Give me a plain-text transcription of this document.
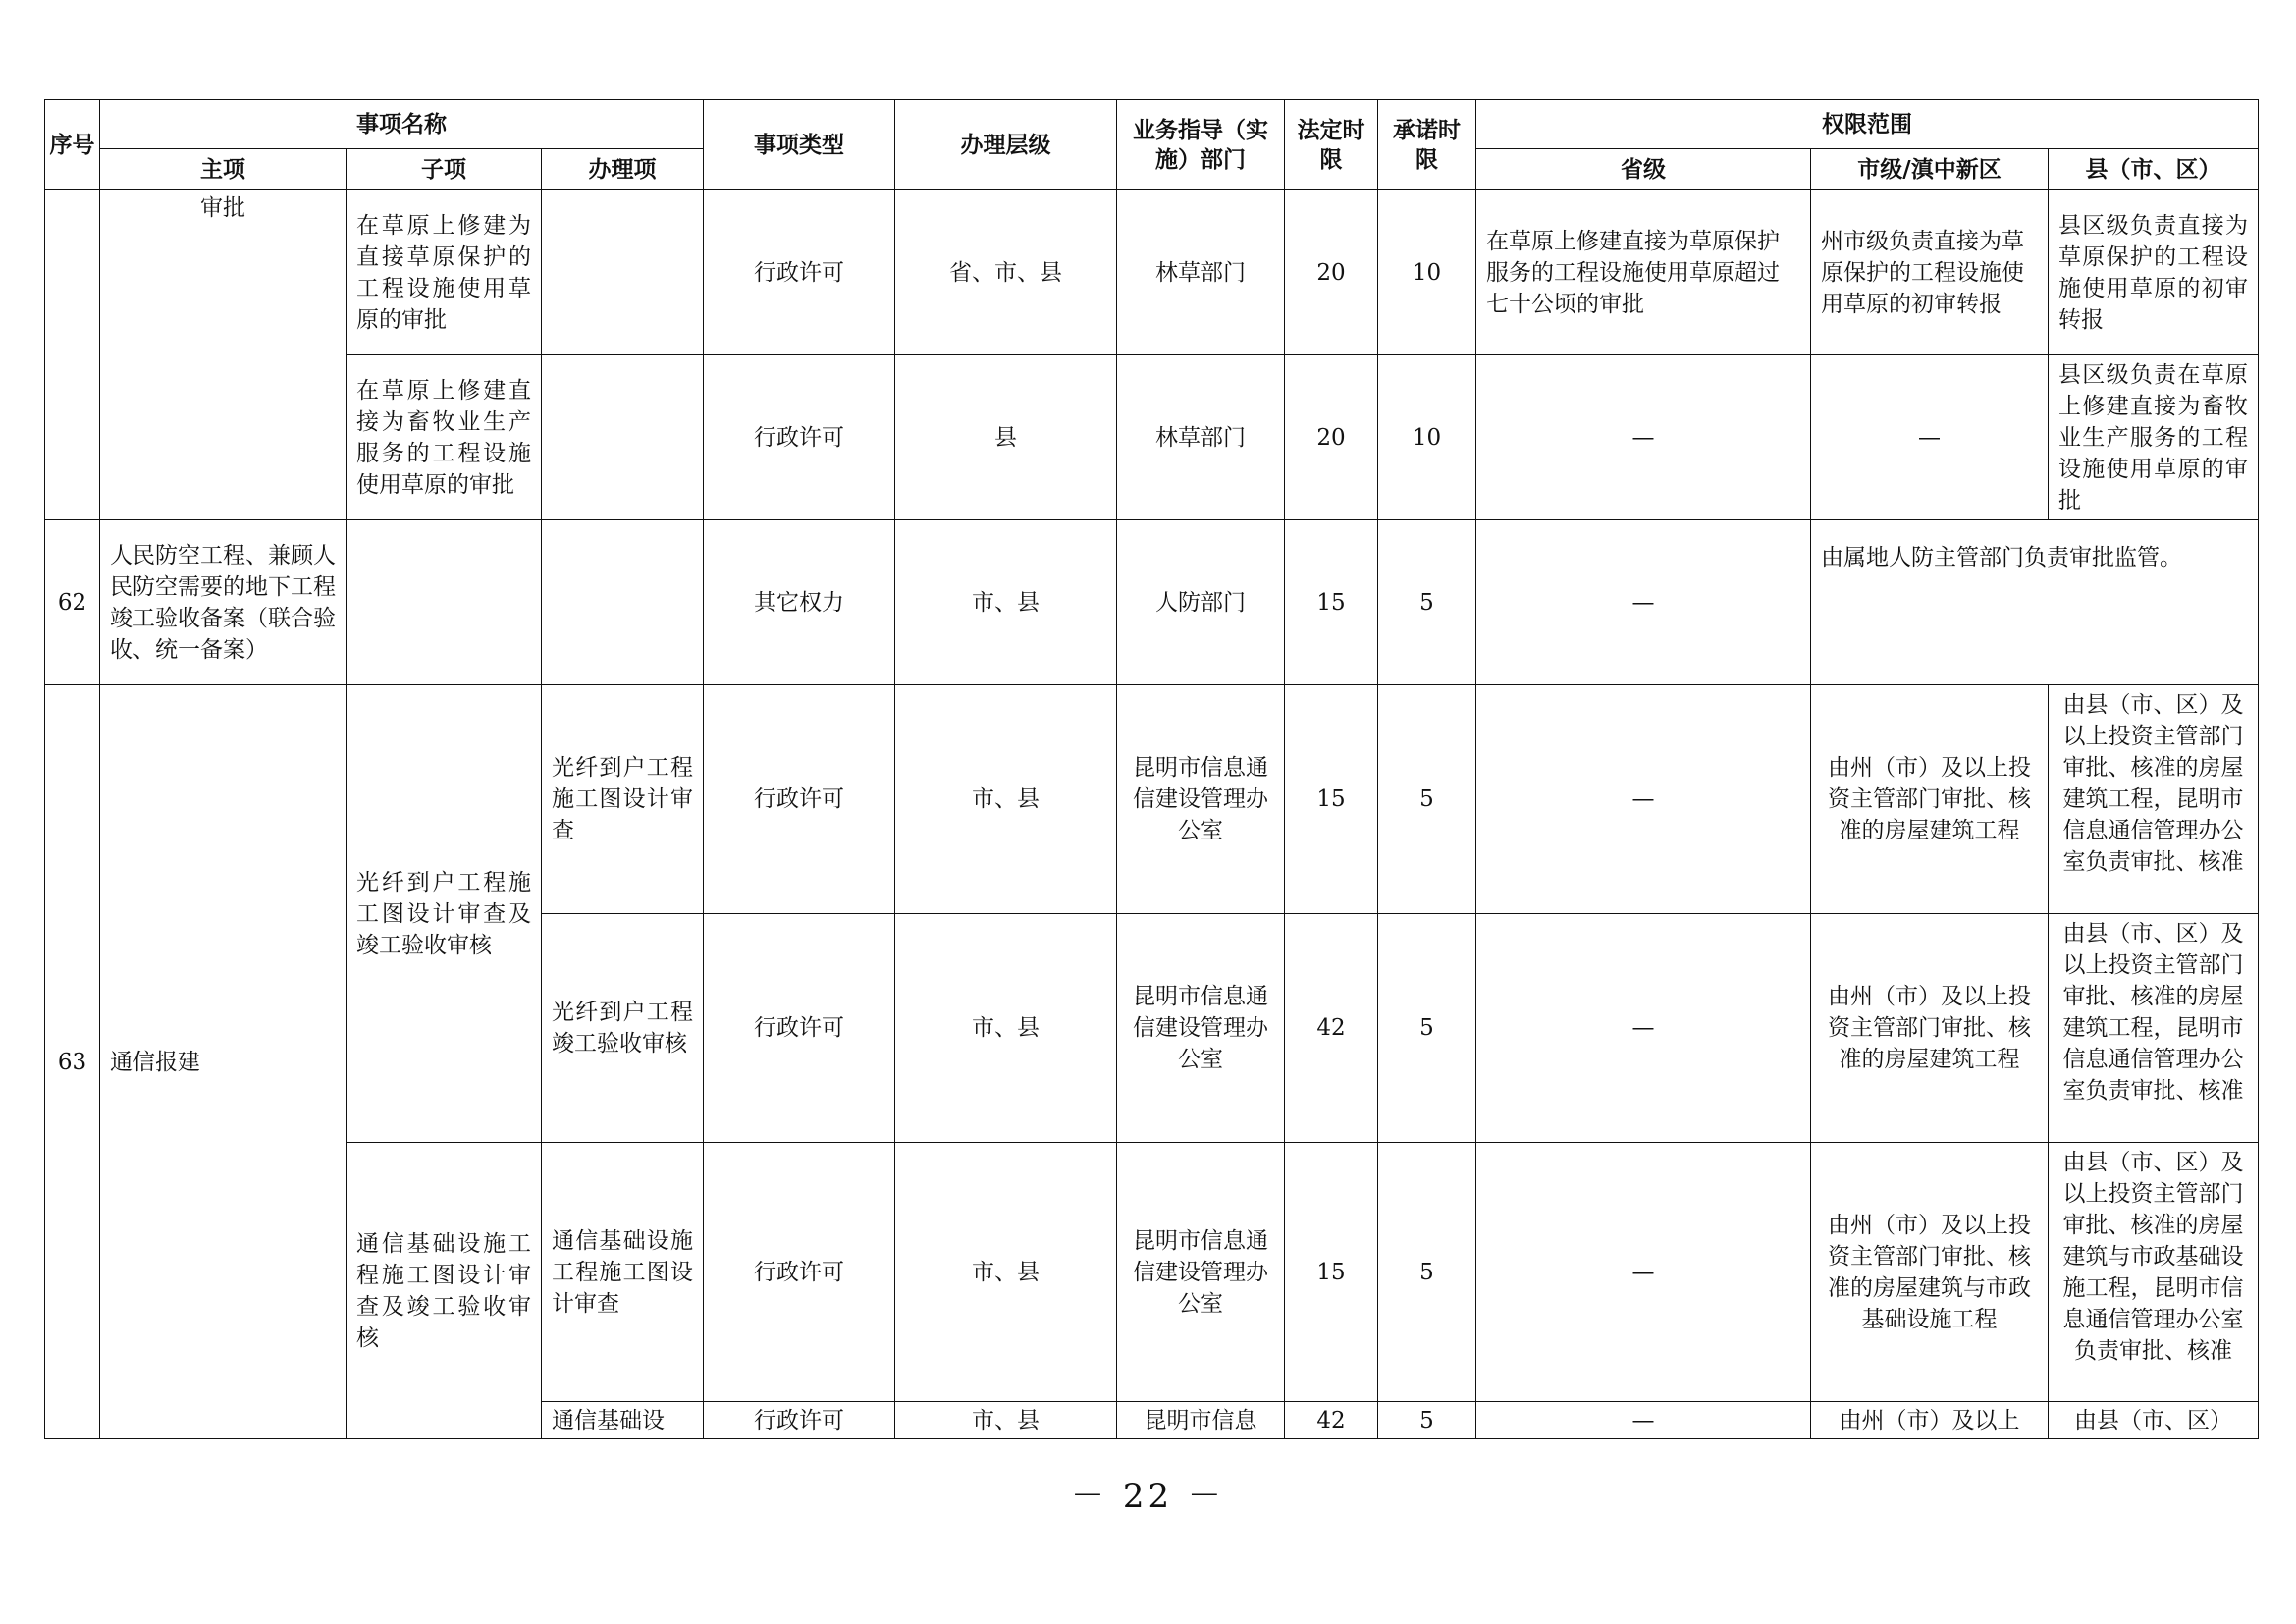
序号	事项名称			事项类型	办理层级	业务指导（实施）部门	法定时限	承诺时限	权限范围		
	主项	子项	办理项						省级	市级/滇中新区	县（市、区）
	审批	在草原上修建为直接草原保护的工程设施使用草原的审批		行政许可	省、市、县	林草部门	20	10	在草原上修建直接为草原保护服务的工程设施使用草原超过七十公顷的审批	州市级负责直接为草原保护的工程设施使用草原的初审转报	县区级负责直接为草原保护的工程设施使用草原的初审转报
		在草原上修建直接为畜牧业生产服务的工程设施使用草原的审批		行政许可	县	林草部门	20	10	—	—	县区级负责在草原上修建直接为畜牧业生产服务的工程设施使用草原的审批
62	人民防空工程、兼顾人民防空需要的地下工程竣工验收备案（联合验收、统一备案）			其它权力	市、县	人防部门	15	5	—	由属地人防主管部门负责审批监管。	
63	通信报建	光纤到户工程施工图设计审查及竣工验收审核	光纤到户工程施工图设计审查	行政许可	市、县	昆明市信息通信建设管理办公室	15	5	—	由州（市）及以上投资主管部门审批、核准的房屋建筑工程	由县（市、区）及以上投资主管部门审批、核准的房屋建筑工程，昆明市信息通信管理办公室负责审批、核准

			光纤到户工程竣工验收审核	行政许可	市、县	昆明市信息通信建设管理办公室	42	5	—	由州（市）及以上投资主管部门审批、核准的房屋建筑工程	由县（市、区）及以上投资主管部门审批、核准的房屋建筑工程，昆明市信息通信管理办公室负责审批、核准

		通信基础设施工程施工图设计审查及竣工验收审核	通信基础设施工程施工图设计审查	行政许可	市、县	昆明市信息通信建设管理办公室	15	5	—	由州（市）及以上投资主管部门审批、核准的房屋建筑与市政基础设施工程	由县（市、区）及以上投资主管部门审批、核准的房屋建筑与市政基础设施工程，昆明市信息通信管理办公室负责审批、核准

			通信基础设	行政许可	市、县	昆明市信息	42	5	—	由州（市）及以上	由县（市、区）
－ 22 －
